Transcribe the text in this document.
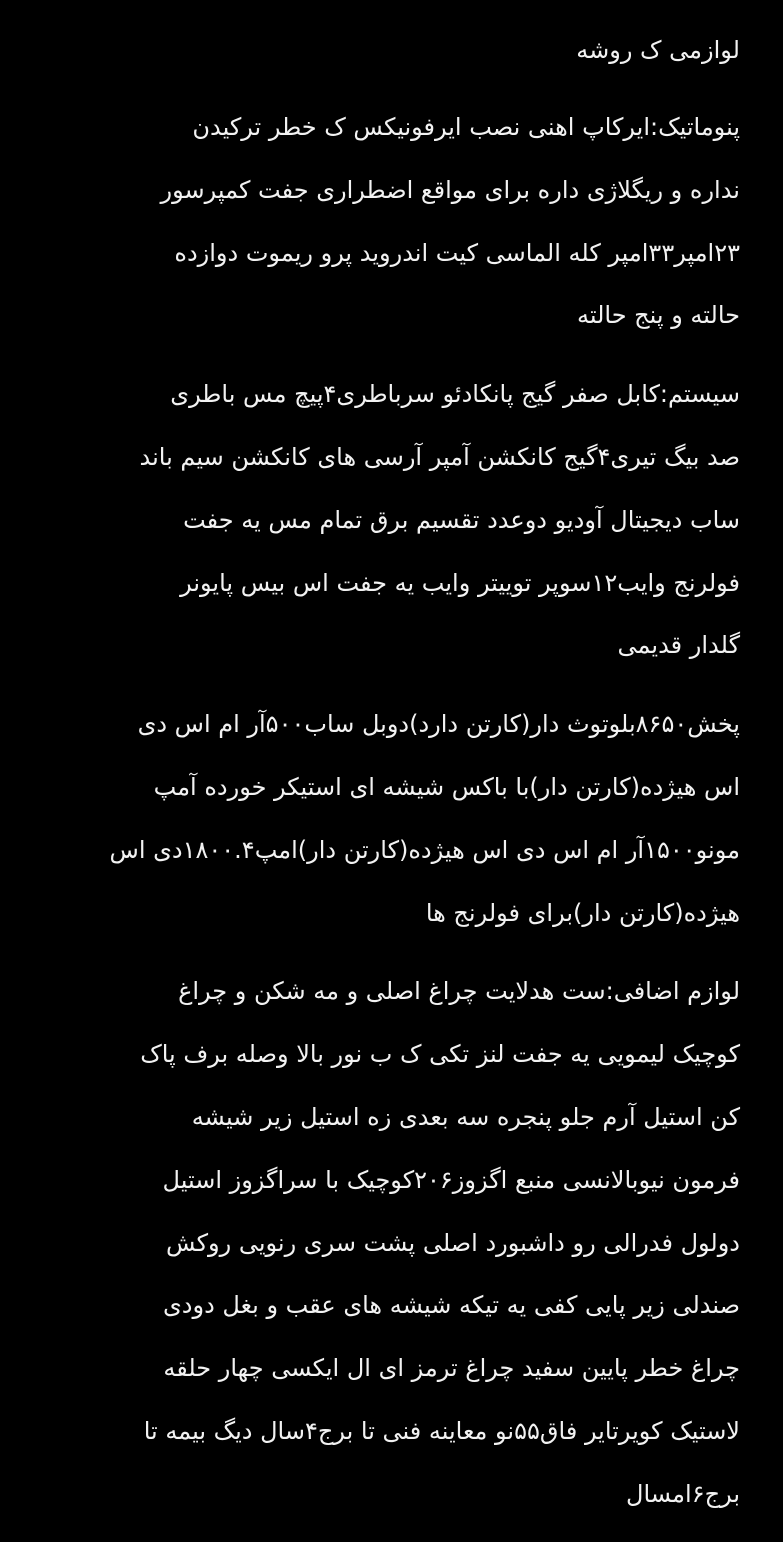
لوازمی ک روشه
پنوماتیک:ایرکاپ اهنی نصب ایرفونیکس ک خطر ترکیدن
نداره و ریگلاژی داره برای مواقع اضطراری جفت کمپرسور
۲۳امپر۳۳امپر کله الماسی کیت اندروید پرو ریموت دوازده
حالته و پنج حالته
سیستم:کابل صفر گیج پانکادئو سرباطری۴پیچ مس باطری
صد بیگ تیری۴گیج کانکشن آمپر آرسی های کانکشن سیم باند
ساب دیجیتال آودیو دوعدد تقسیم برق تمام مس یه جفت
فولرنج وایب۱۲سوپر توییتر وایب یه جفت اس بیس پایونر
گلدار قدیمی
پخش۸۶۵۰بلوتوث دار(کارتن دارد)دوبل ساب۵۰۰آر ام اس دی
اس هیژده(کارتن دار)با باکس شیشه ای استیکر خورده آمپ
مونو۱۵۰۰آر ام اس دی اس هیژده(کارتن دار)امپ۱۸۰۰.۴دی اس
هیژده(کارتن دار)برای فولرنج ها
لوازم اضافی:ست هدلایت چراغ اصلی و مه شکن و چراغ
کوچیک لیمویی یه جفت لنز تکی ک ب نور بالا وصله برف پاک
کن استیل آرم جلو پنجره سه بعدی زه استیل زیر شیشه
فرمون نیوبالانسی منبع اگزوز۲۰۶کوچیک با سراگزوز استیل
دولول فدرالی رو داشبورد اصلی پشت سری رنویی روکش
صندلی زیر پایی کفی یه تیکه شیشه های عقب و بغل دودی
چراغ خطر پایین سفید چراغ ترمز ای ال ایکسی چهار حلقه
لاستیک کویرتایر فاق۵۵نو معاینه فنی تا برج۴سال دیگ بیمه تا
برج۶امسال
